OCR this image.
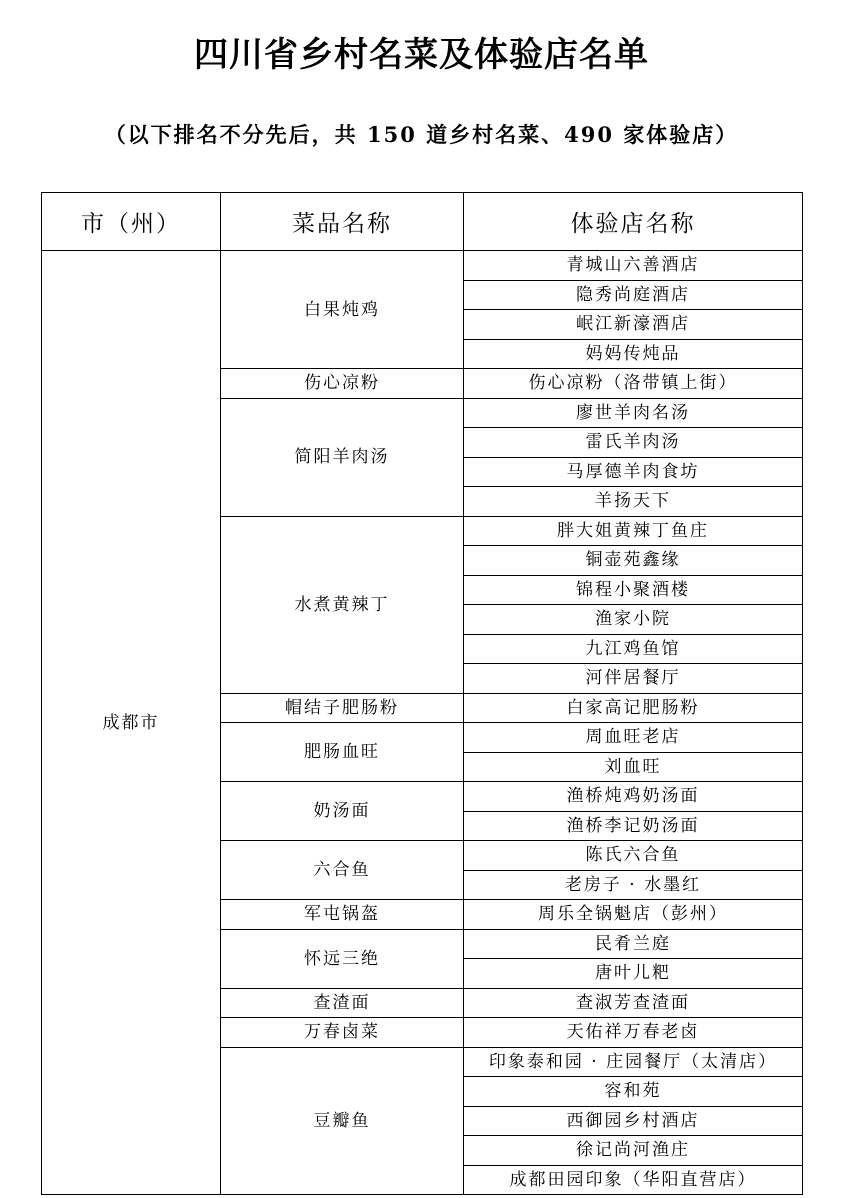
四川省乡村名菜及体验店名单
（以下排名不分先后，共 150 道乡村名菜、490 家体验店）
市（州）	菜品名称	体验店名称
成都市	白果炖鸡	青城山六善酒店
		隐秀尚庭酒店
		岷江新濠酒店
		妈妈传炖品
	伤心凉粉	伤心凉粉（洛带镇上街）
	简阳羊肉汤	廖世羊肉名汤
		雷氏羊肉汤
		马厚德羊肉食坊
		羊扬天下
	水煮黄辣丁	胖大姐黄辣丁鱼庄
		铜壶苑鑫缘
		锦程小聚酒楼
		渔家小院
		九江鸡鱼馆
		河伴居餐厅
	帽结子肥肠粉	白家高记肥肠粉
	肥肠血旺	周血旺老店
		刘血旺
	奶汤面	渔桥炖鸡奶汤面
		渔桥李记奶汤面
	六合鱼	陈氏六合鱼
		老房子 · 水墨红
	军屯锅盔	周乐全锅魁店（彭州）
	怀远三绝	民肴兰庭
		唐叶儿粑
	查渣面	查淑芳查渣面
	万春卤菜	天佑祥万春老卤
	豆瓣鱼	印象泰和园 · 庄园餐厅（太清店）
		容和苑
		西御园乡村酒店
		徐记尚河渔庄
		成都田园印象（华阳直营店）
